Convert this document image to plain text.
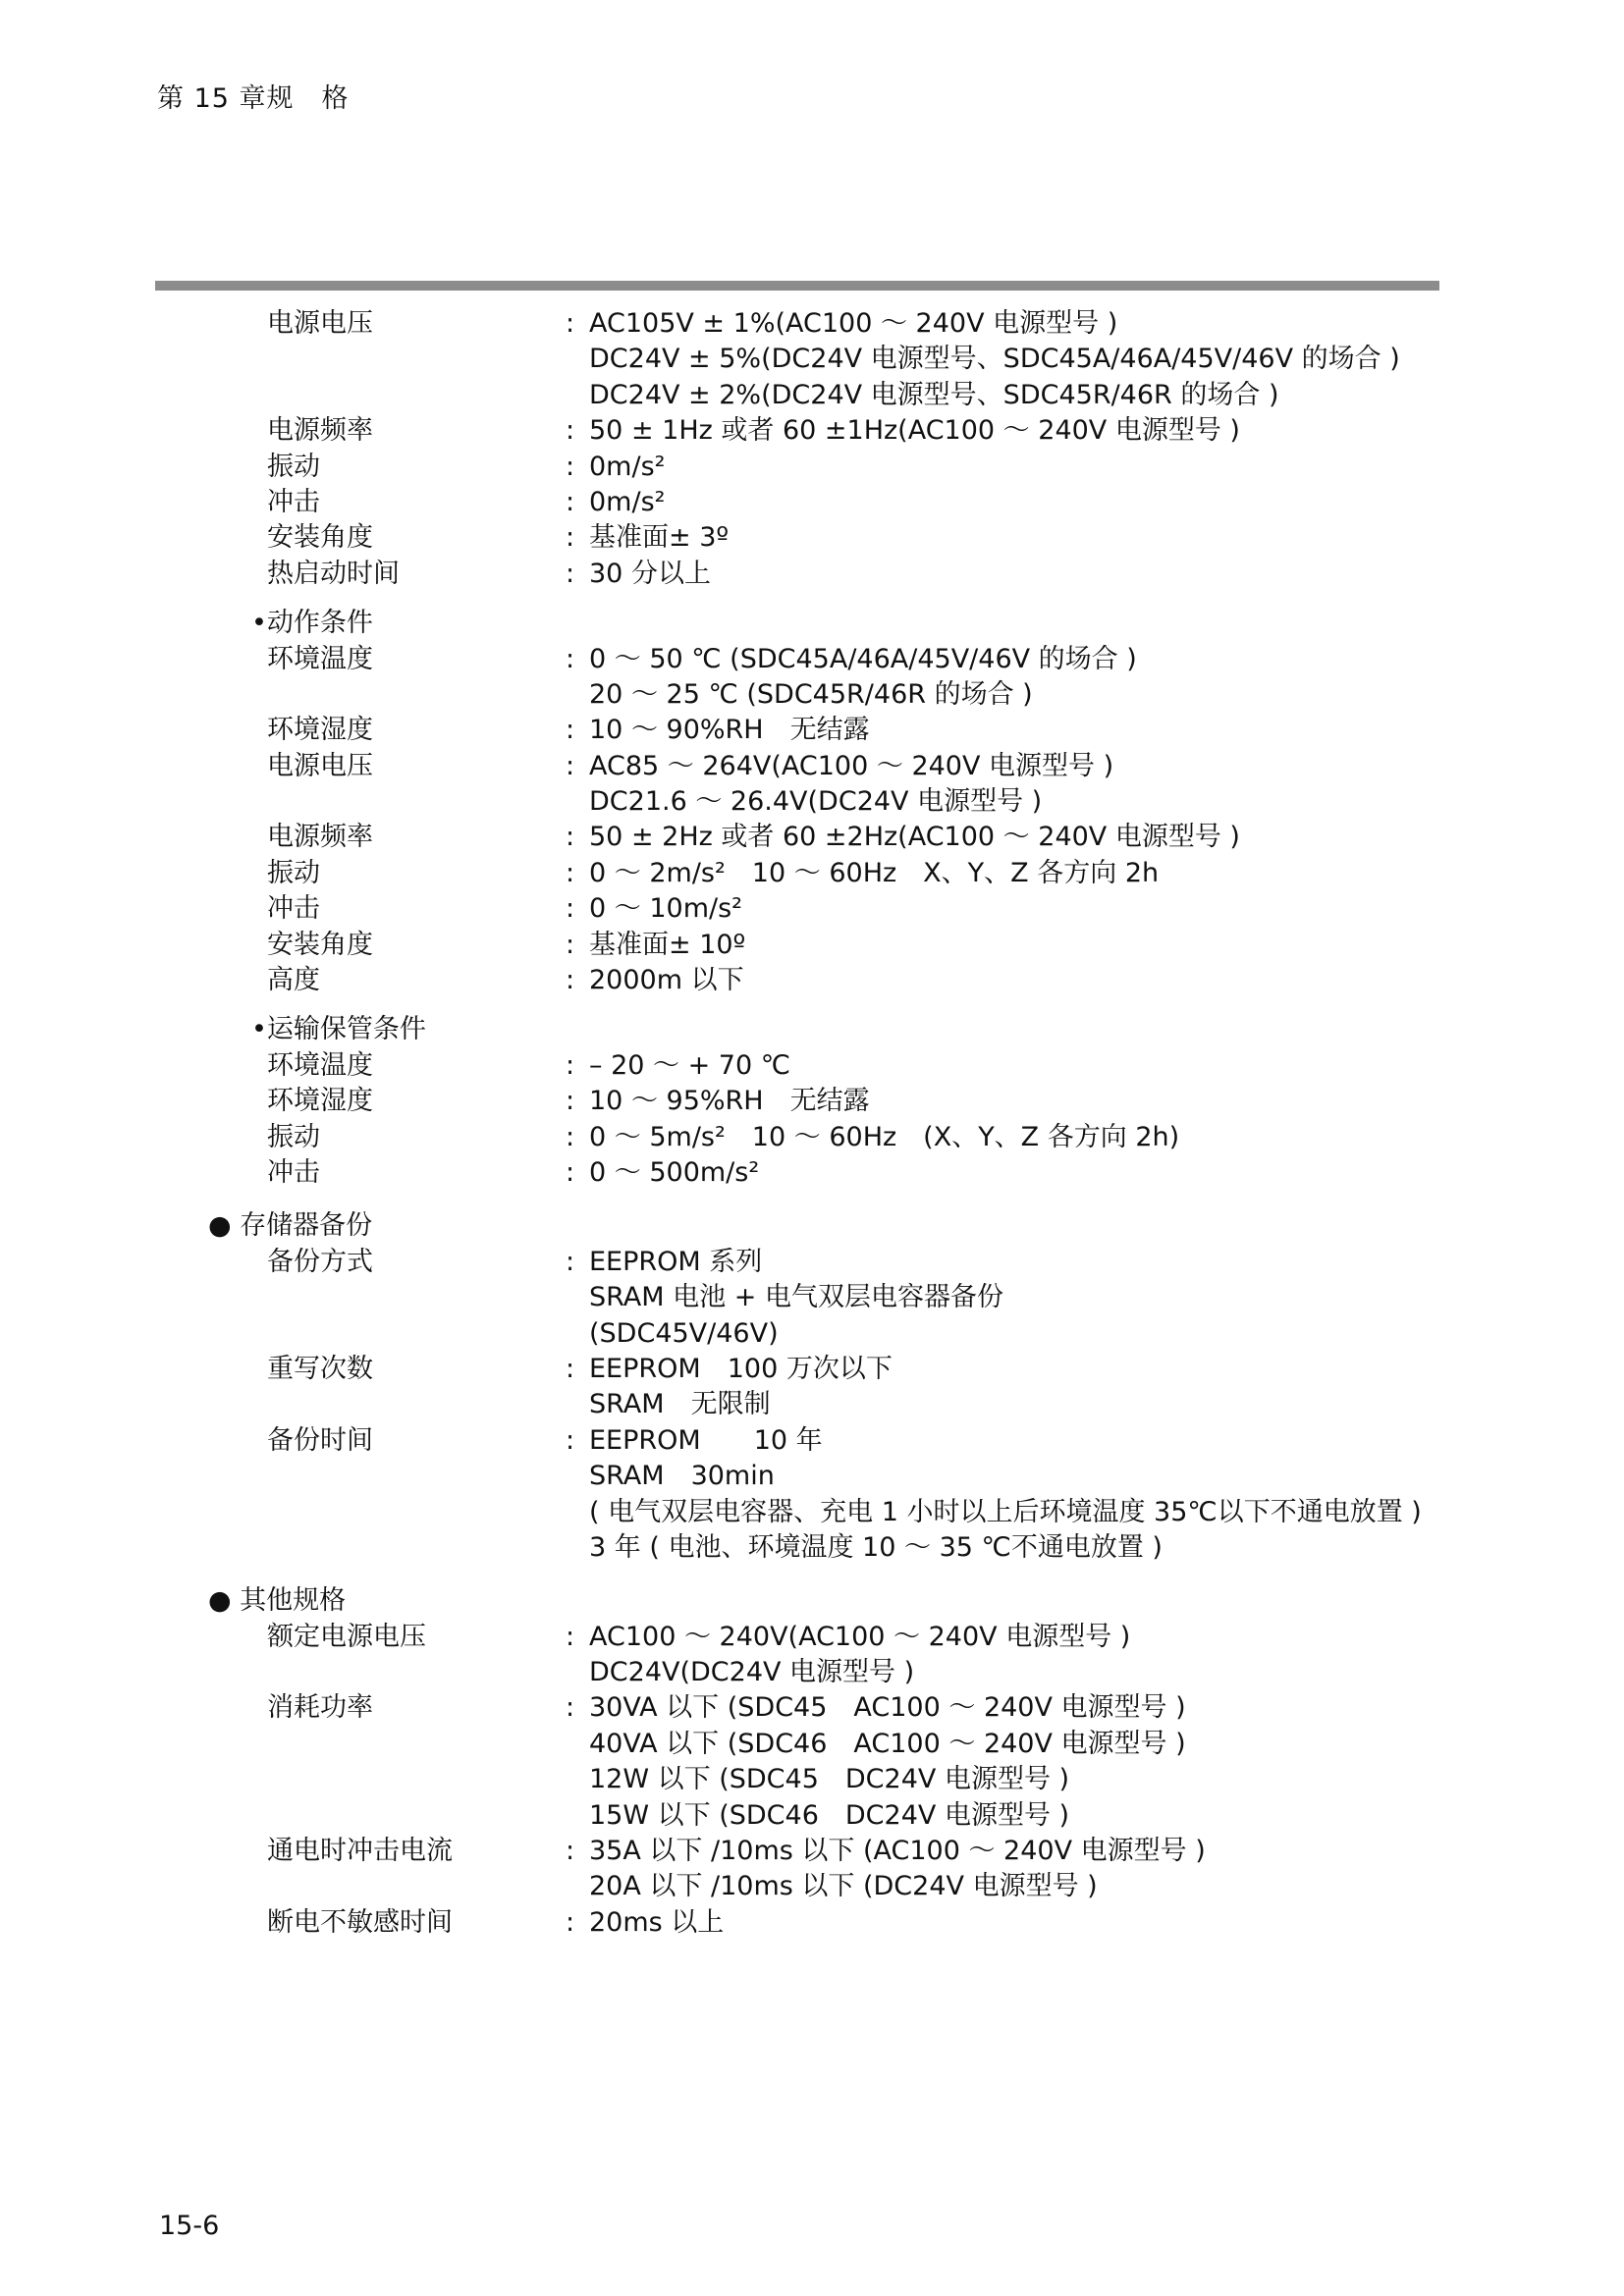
第 15 章规　格
电源电压	: AC105V ± 1%(AC100 ～ 240V 电源型号 )
DC24V ± 5%(DC24V 电源型号、SDC45A/46A/45V/46V 的场合 )
DC24V ± 2%(DC24V 电源型号、SDC45R/46R 的场合 )
电源频率	: 50 ± 1Hz 或者 60 ±1Hz(AC100 ～ 240V 电源型号 )
振动	: 0m/s²
冲击	: 0m/s²
安装角度	: 基准面± 3º
热启动时间	: 30 分以上
•动作条件
环境温度	: 0 ～ 50 ℃ (SDC45A/46A/45V/46V 的场合 )
20 ～ 25 ℃ (SDC45R/46R 的场合 )
环境湿度	: 10 ～ 90%RH　无结露
电源电压	: AC85 ～ 264V(AC100 ～ 240V 电源型号 )
DC21.6 ～ 26.4V(DC24V 电源型号 )
电源频率	: 50 ± 2Hz 或者 60 ±2Hz(AC100 ～ 240V 电源型号 )
振动	: 0 ～ 2m/s²　10 ～ 60Hz　X、Y、Z 各方向 2h
冲击	: 0 ～ 10m/s²
安装角度	: 基准面± 10º
高度	: 2000m 以下
•运输保管条件
环境温度	: – 20 ～ + 70 ℃
环境湿度	: 10 ～ 95%RH　无结露
振动	: 0 ～ 5m/s²　10 ～ 60Hz　(X、Y、Z 各方向 2h)
冲击	: 0 ～ 500m/s²
● 存储器备份
备份方式	: EEPROM 系列
SRAM 电池 + 电气双层电容器备份
(SDC45V/46V)
重写次数	: EEPROM　100 万次以下
SRAM　无限制
备份时间	: EEPROM　　10 年
SRAM　30min
( 电气双层电容器、充电 1 小时以上后环境温度 35℃以下不通电放置 )
3 年 ( 电池、环境温度 10 ～ 35 ℃不通电放置 )
● 其他规格
额定电源电压	: AC100 ～ 240V(AC100 ～ 240V 电源型号 )
DC24V(DC24V 电源型号 )
消耗功率	: 30VA 以下 (SDC45　AC100 ～ 240V 电源型号 )
40VA 以下 (SDC46　AC100 ～ 240V 电源型号 )
12W 以下 (SDC45　DC24V 电源型号 )
15W 以下 (SDC46　DC24V 电源型号 )
通电时冲击电流	: 35A 以下 /10ms 以下 (AC100 ～ 240V 电源型号 )
20A 以下 /10ms 以下 (DC24V 电源型号 )
断电不敏感时间	: 20ms 以上
15-6
